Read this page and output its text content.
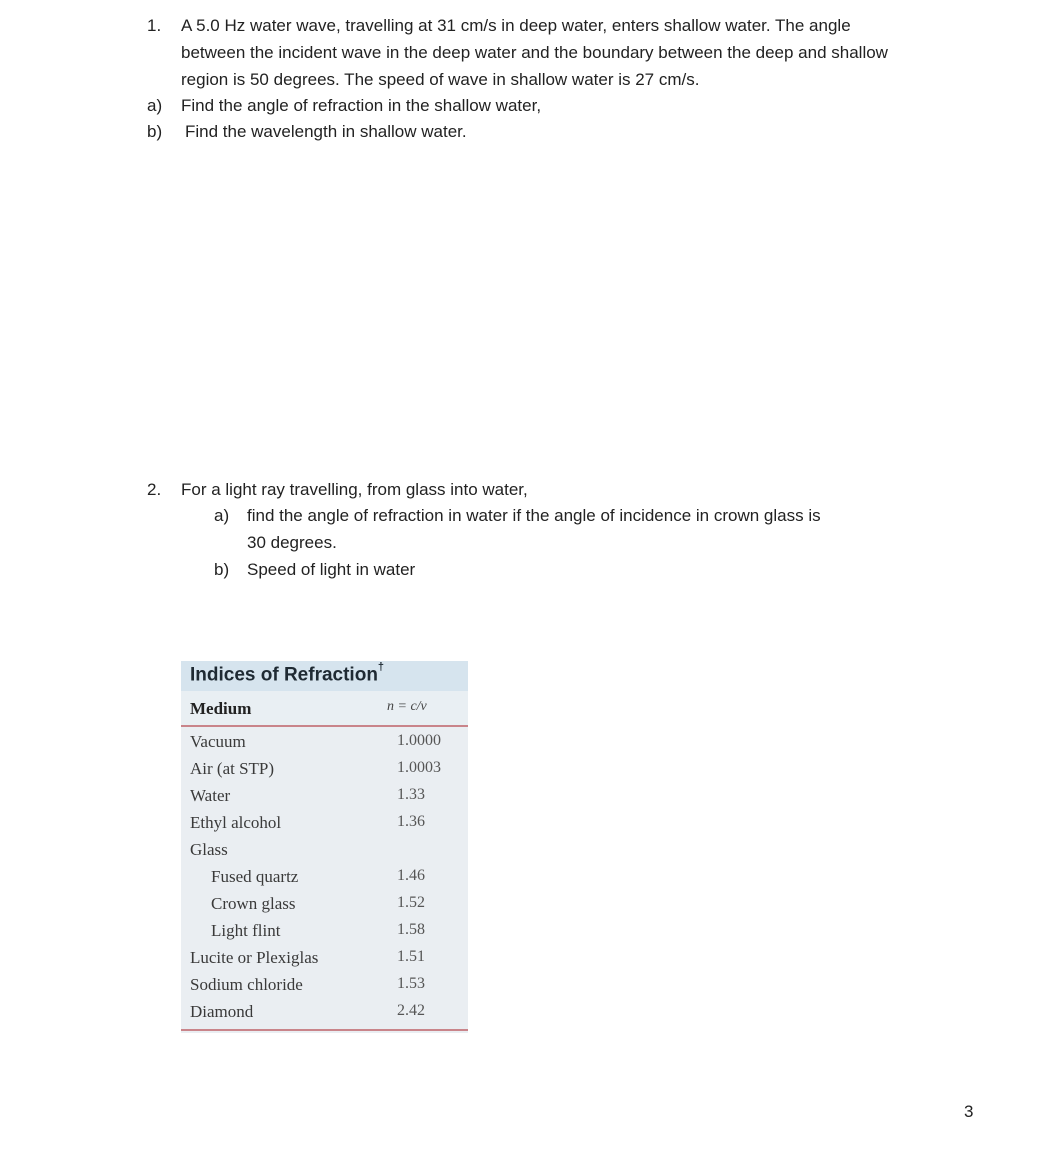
1. A 5.0 Hz water wave, travelling at 31 cm/s in deep water, enters shallow water. The angle
between the incident wave in the deep water and the boundary between the deep and shallow
region is 50 degrees. The speed of wave in shallow water is 27 cm/s.
a) Find the angle of refraction in the shallow water,
b) Find the wavelength in shallow water.
2. For a light ray travelling, from glass into water,
a) find the angle of refraction in water if the angle of incidence in crown glass is
30 degrees.
b) Speed of light in water
Indices of Refraction†
Medium	n = c/v
Vacuum	1.0000
Air (at STP)	1.0003
Water	1.33
Ethyl alcohol	1.36
Glass
Fused quartz	1.46
Crown glass	1.52
Light flint	1.58
Lucite or Plexiglas	1.51
Sodium chloride	1.53
Diamond	2.42
3
